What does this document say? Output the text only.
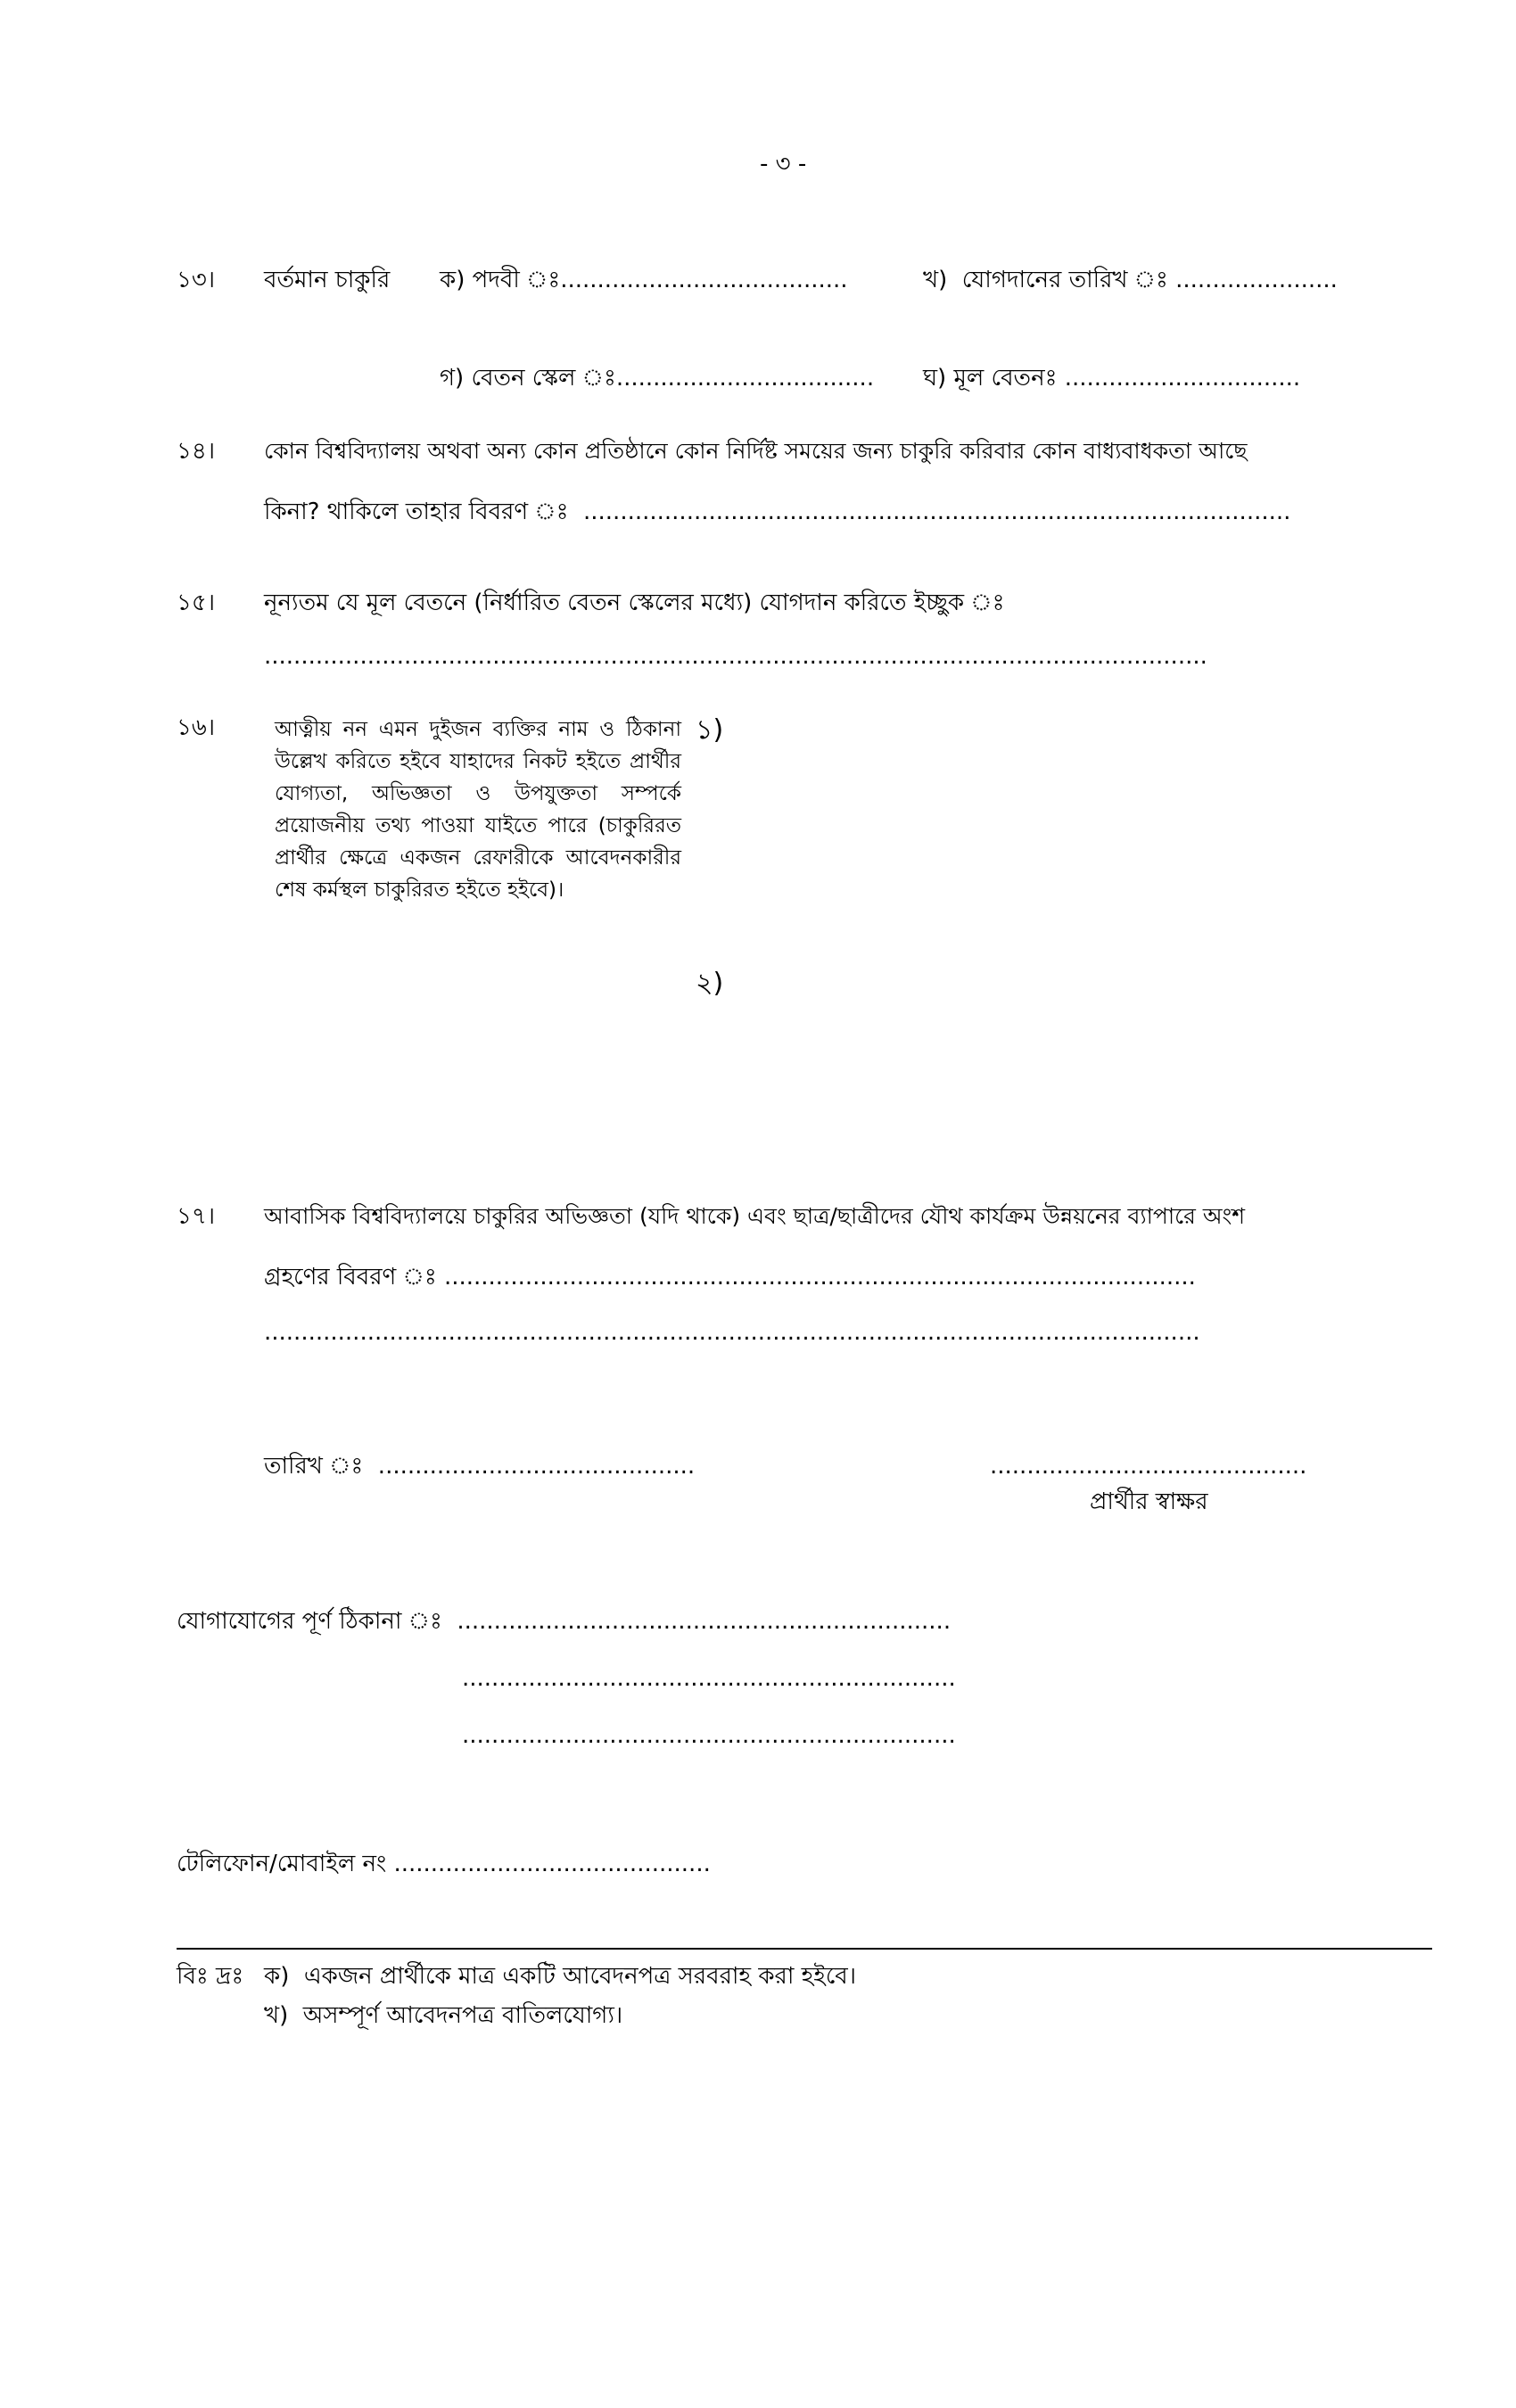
- ৩ -
১৩। বর্তমান চাকুরি ক) পদবী ঃ.......................................	খ)  যোগদানের তারিখ ঃ ......................
গ) বেতন স্কেল ঃ................................... ঘ) মূল বেতনঃ ................................
১৪। কোন বিশ্ববিদ্যালয় অথবা অন্য কোন প্রতিষ্ঠানে কোন নির্দিষ্ট সময়ের জন্য চাকুরি করিবার কোন বাধ্যবাধকতা আছে
কিনা? থাকিলে তাহার বিবরণ ঃ  ................................................................................................
১৫। নূন্যতম যে মূল বেতনে (নির্ধারিত বেতন স্কেলের মধ্যে) যোগদান করিতে ইচ্ছুক ঃ
................................................................................................................................
১৬।	আত্নীয় নন এমন দুইজন ব্যক্তির নাম ও ঠিকানা উল্লেখ করিতে হইবে যাহাদের নিকট হইতে প্রার্থীর যোগ্যতা, অভিজ্ঞতা ও উপযুক্ততা সম্পর্কে প্রয়োজনীয় তথ্য পাওয়া যাইতে পারে (চাকুরিরত প্রার্থীর ক্ষেত্রে একজন রেফারীকে আবেদনকারীর শেষ কর্মস্থল চাকুরিরত হইতে হইবে)।
১)
২)
১৭। আবাসিক বিশ্ববিদ্যালয়ে চাকুরির অভিজ্ঞতা (যদি থাকে) এবং ছাত্র/ছাত্রীদের যৌথ কার্যক্রম উন্নয়নের ব্যাপারে অংশ
গ্রহণের বিবরণ ঃ ......................................................................................................
...............................................................................................................................
তারিখ ঃ  ...........................................	...........................................
প্রার্থীর স্বাক্ষর
যোগাযোগের পূর্ণ ঠিকানা ঃ  ...................................................................
...................................................................
...................................................................
টেলিফোন/মোবাইল নং ...........................................
বিঃ দ্রঃ ক)  একজন প্রার্থীকে মাত্র একটি আবেদনপত্র সরবরাহ করা হইবে।
খ)  অসম্পূর্ণ আবেদনপত্র বাতিলযোগ্য।
